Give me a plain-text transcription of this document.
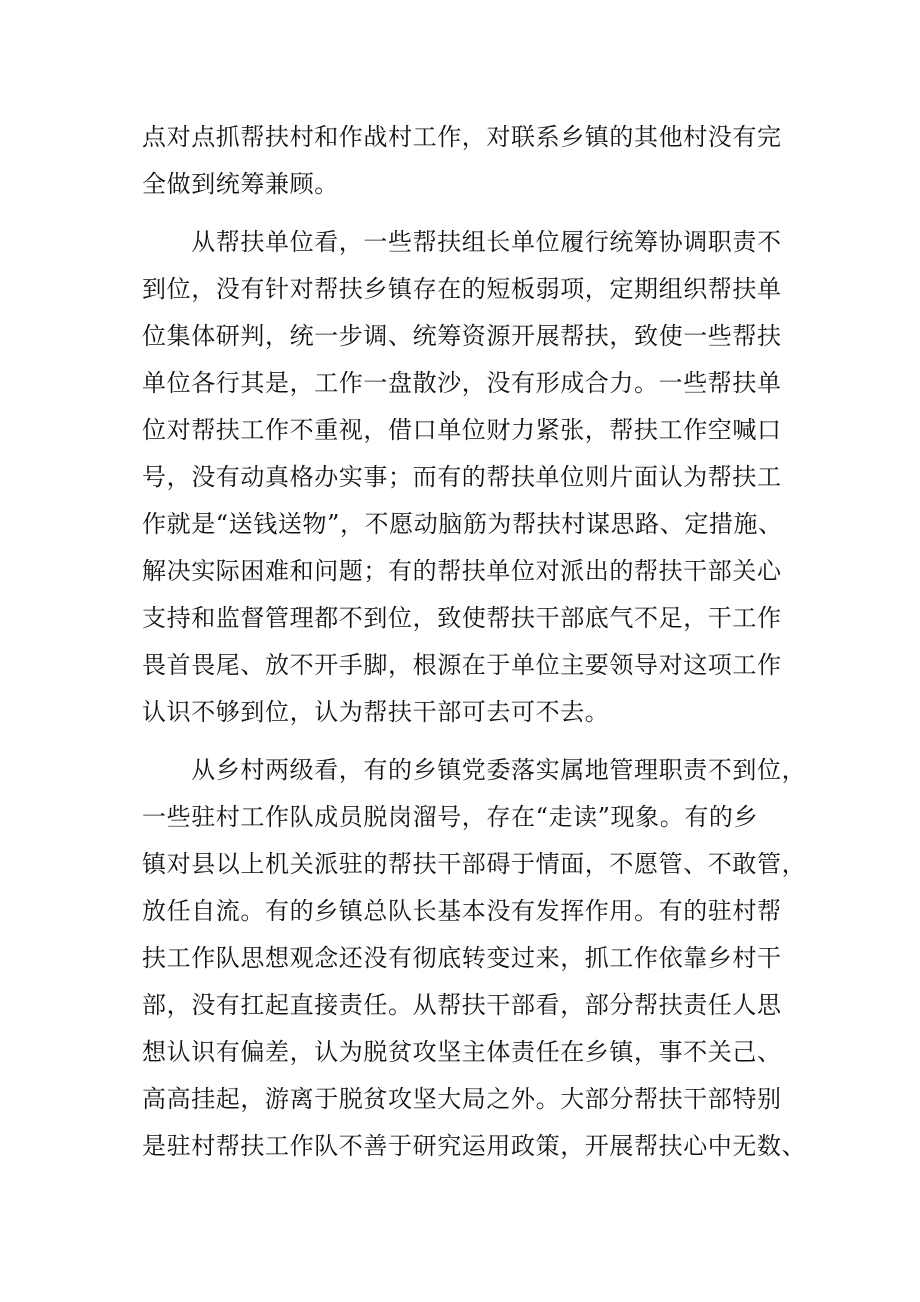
点对点抓帮扶村和作战村工作，对联系乡镇的其他村没有完
全做到统筹兼顾。
　　从帮扶单位看，一些帮扶组长单位履行统筹协调职责不
到位，没有针对帮扶乡镇存在的短板弱项，定期组织帮扶单
位集体研判，统一步调、统筹资源开展帮扶，致使一些帮扶
单位各行其是，工作一盘散沙，没有形成合力。一些帮扶单
位对帮扶工作不重视，借口单位财力紧张，帮扶工作空喊口
号，没有动真格办实事；而有的帮扶单位则片面认为帮扶工
作就是“送钱送物”，不愿动脑筋为帮扶村谋思路、定措施、
解决实际困难和问题；有的帮扶单位对派出的帮扶干部关心
支持和监督管理都不到位，致使帮扶干部底气不足，干工作
畏首畏尾、放不开手脚，根源在于单位主要领导对这项工作
认识不够到位，认为帮扶干部可去可不去。
　　从乡村两级看，有的乡镇党委落实属地管理职责不到位，
一些驻村工作队成员脱岗溜号，存在“走读”现象。有的乡
镇对县以上机关派驻的帮扶干部碍于情面，不愿管、不敢管，
放任自流。有的乡镇总队长基本没有发挥作用。有的驻村帮
扶工作队思想观念还没有彻底转变过来，抓工作依靠乡村干
部，没有扛起直接责任。从帮扶干部看，部分帮扶责任人思
想认识有偏差，认为脱贫攻坚主体责任在乡镇，事不关己、
高高挂起，游离于脱贫攻坚大局之外。大部分帮扶干部特别
是驻村帮扶工作队不善于研究运用政策，开展帮扶心中无数、
